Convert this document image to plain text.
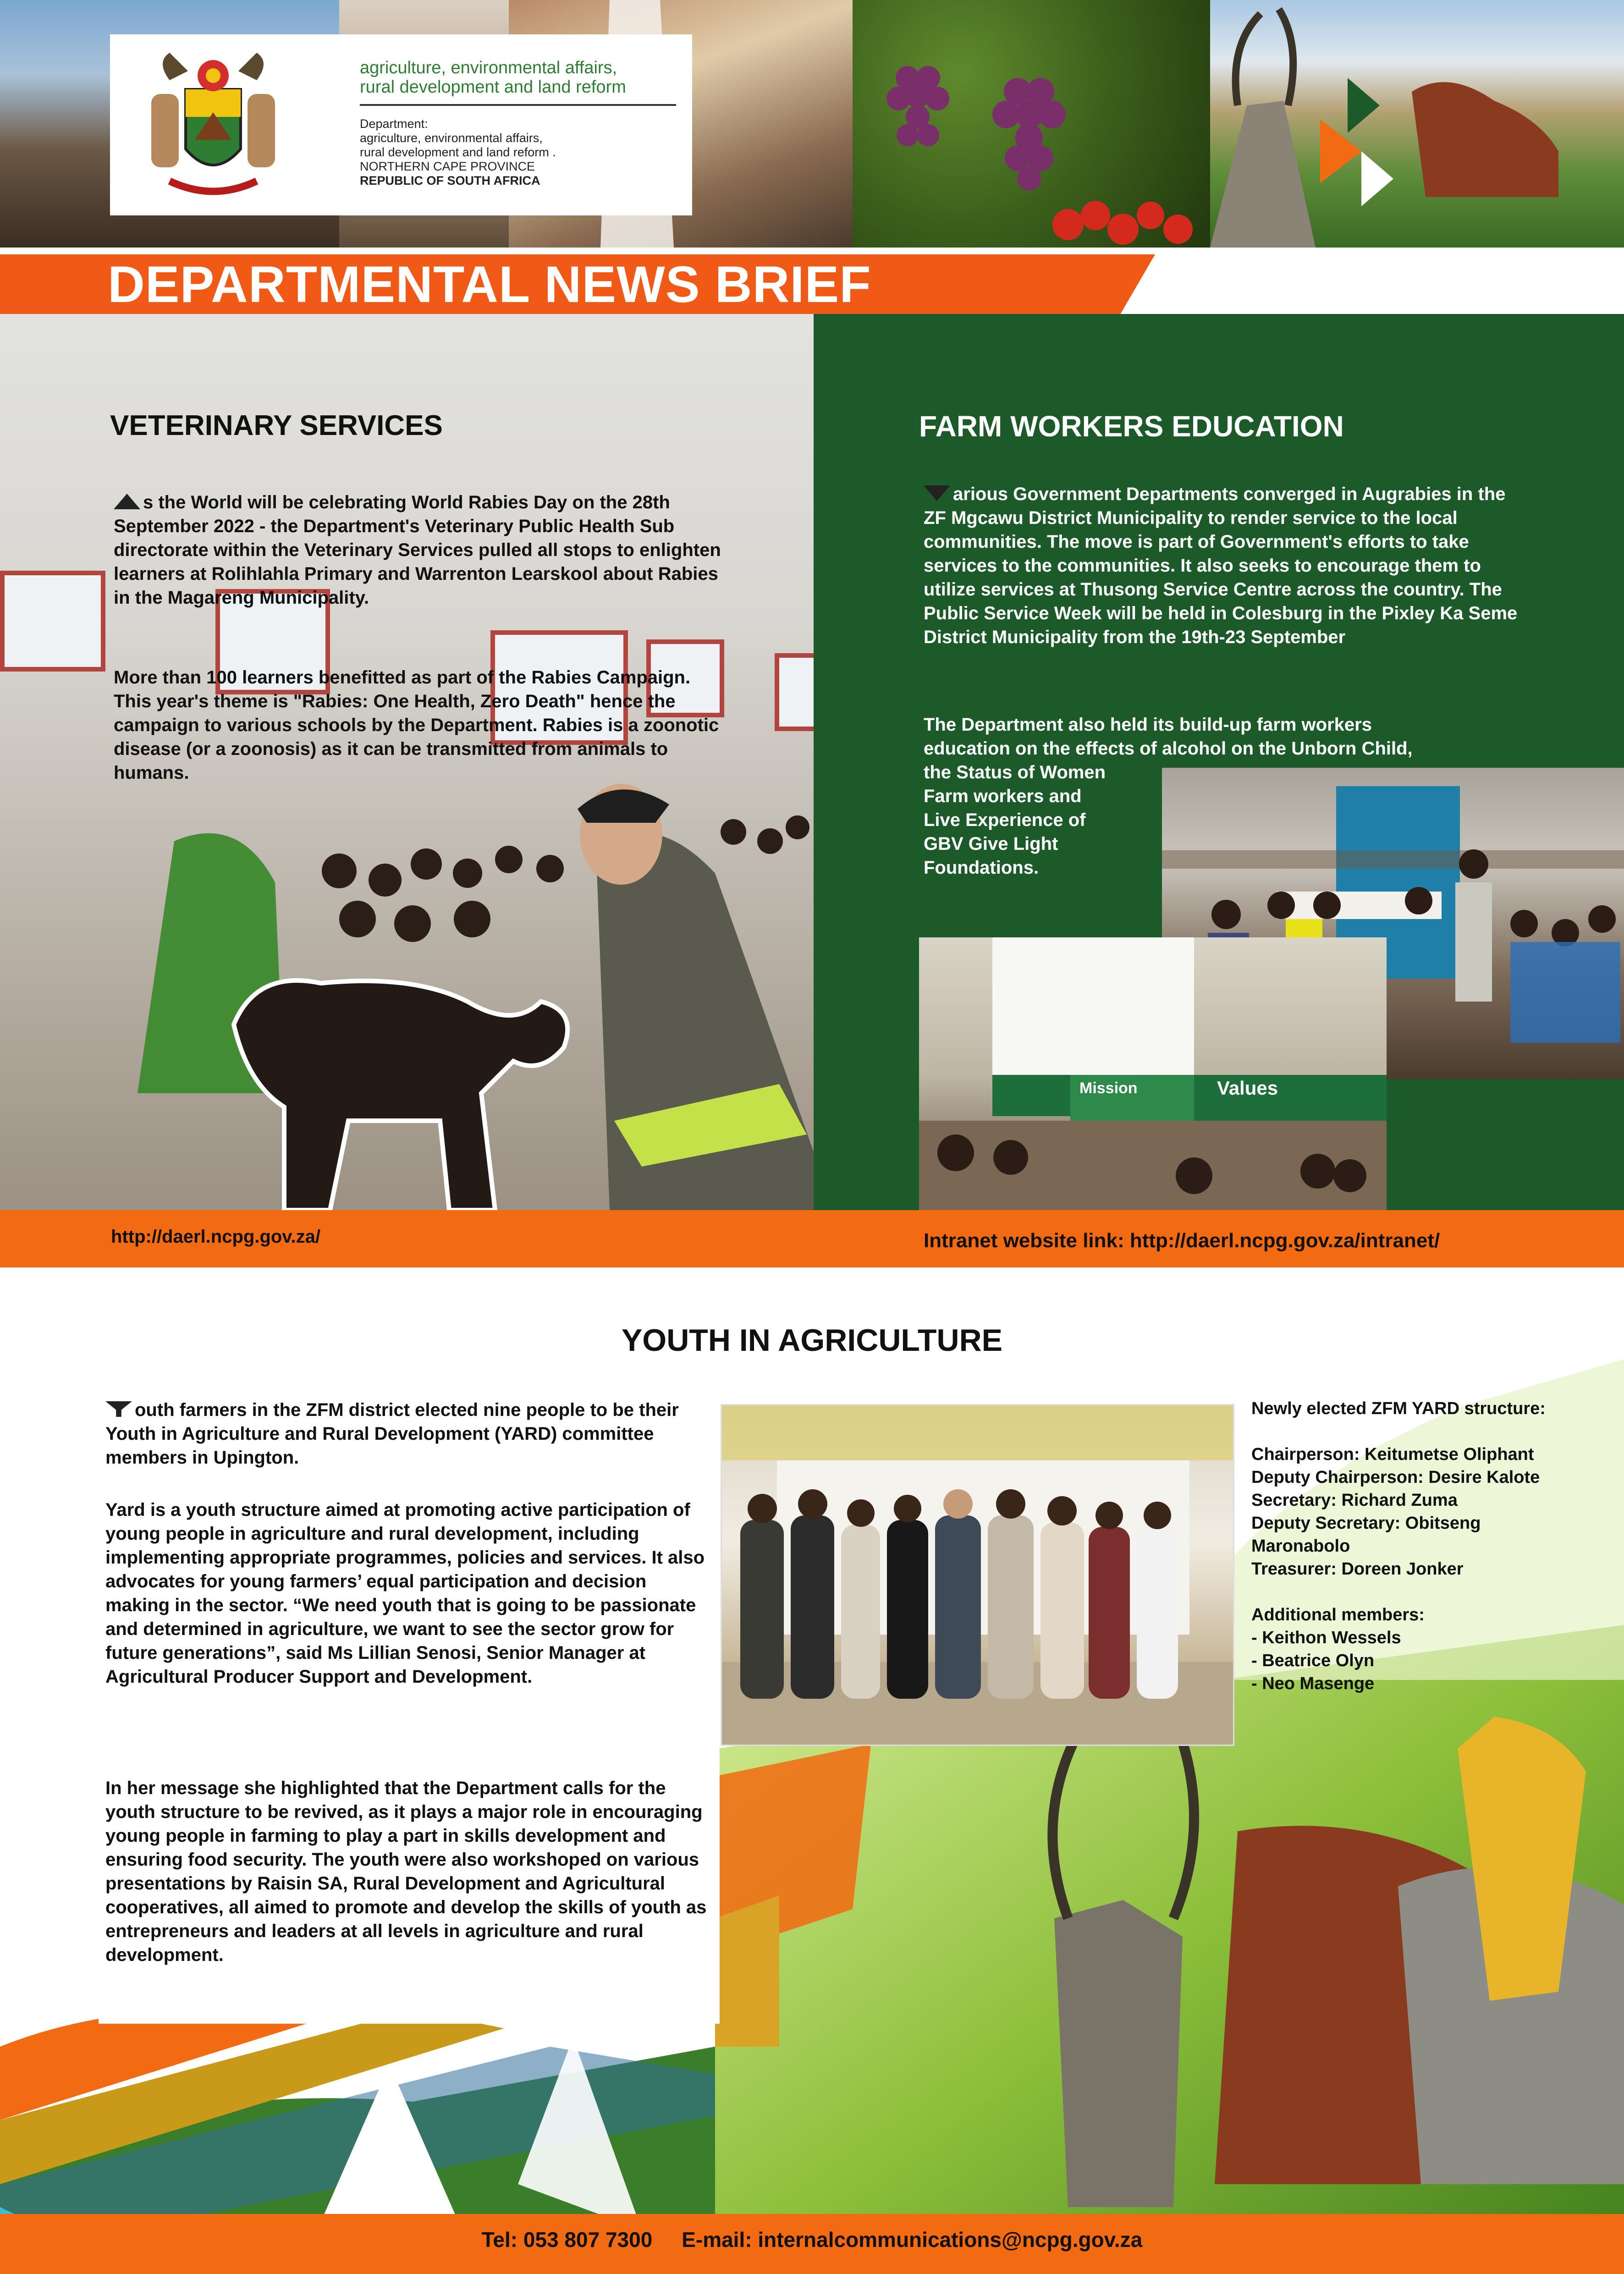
agriculture, environmental affairs,
rural development and land reform
Department:
agriculture, environmental affairs,
rural development and land reform .
NORTHERN CAPE PROVINCE
REPUBLIC OF SOUTH AFRICA
DEPARTMENTAL NEWS BRIEF
VETERINARY SERVICES
s the World will be celebrating World Rabies Day on the 28th September 2022 - the Department's Veterinary Public Health Sub directorate within the Veterinary Services pulled all stops to enlighten learners at Rolihlahla Primary and Warrenton Learskool about Rabies in the Magareng Municipality.
More than 100 learners benefitted as part of the Rabies Campaign. This year's theme is "Rabies: One Health, Zero Death" hence the campaign to various schools by the Department. Rabies is a zoonotic disease (or a zoonosis) as it can be transmitted from animals to humans.
FARM WORKERS EDUCATION
arious Government Departments converged in Augrabies in the ZF Mgcawu District Municipality to render service to the local communities. The move is part of Government's efforts to take services to the communities. It also seeks to encourage them to utilize services at Thusong Service Centre across the country. The Public Service Week will be held in Colesburg in the Pixley Ka Seme District Municipality from the 19th-23 September
Mission	Values
The Department also held its build-up farm workers
education on the effects of alcohol on the Unborn Child,
the Status of Women
Farm workers and
Live Experience of
GBV Give Light
Foundations.
http://daerl.ncpg.gov.za/	Intranet website link: http://daerl.ncpg.gov.za/intranet/
YOUTH IN AGRICULTURE
outh farmers in the ZFM district elected nine people to be their Youth in Agriculture and Rural Development (YARD) committee members in Upington.
Yard is a youth structure aimed at promoting active participation of young people in agriculture and rural development, including implementing appropriate programmes, policies and services. It also advocates for young farmers’ equal participation and decision making in the sector. “We need youth that is going to be passionate and determined in agriculture, we want to see the sector grow for future generations”, said Ms Lillian Senosi, Senior Manager at Agricultural Producer Support and Development.
In her message she highlighted that the Department calls for the youth structure to be revived, as it plays a major role in encouraging young people in farming to play a part in skills development and ensuring food security. The youth were also workshoped on various presentations by Raisin SA, Rural Development and Agricultural cooperatives, all aimed to promote and develop the skills of youth as entrepreneurs and leaders at all levels in agriculture and rural development.

Newly elected ZFM YARD structure:

Chairperson: Keitumetse Oliphant

Deputy Chairperson: Desire Kalote

Secretary: Richard Zuma

Deputy Secretary: Obitseng

Maronabolo

Treasurer: Doreen Jonker

Additional members:

- Keithon Wessels

- Beatrice Olyn

- Neo Masenge

Tel: 053 807 7300     E-mail: internalcommunications@ncpg.gov.za
